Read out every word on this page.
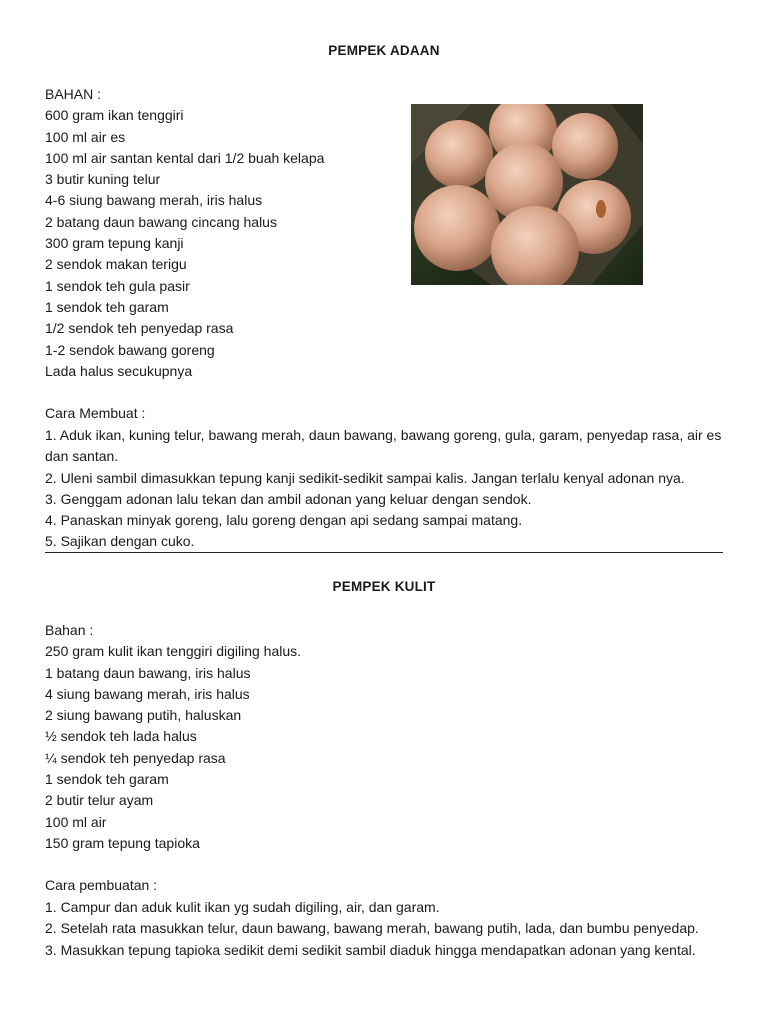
PEMPEK ADAAN
BAHAN :
600 gram ikan tenggiri
100 ml air es
100 ml air santan kental dari 1/2 buah kelapa
3 butir kuning telur
4-6 siung bawang merah, iris halus
2 batang daun bawang cincang halus
300 gram tepung kanji
2 sendok makan terigu
1 sendok teh gula pasir
1 sendok teh garam
1/2 sendok teh penyedap rasa
1-2 sendok bawang goreng
Lada halus secukupnya
Cara Membuat :
1. Aduk ikan, kuning telur, bawang merah, daun bawang, bawang goreng, gula, garam, penyedap rasa, air es dan santan.
2. Uleni sambil dimasukkan tepung kanji sedikit-sedikit sampai kalis. Jangan terlalu kenyal adonan nya.
3. Genggam adonan lalu tekan dan ambil adonan yang keluar dengan sendok.
4. Panaskan minyak goreng, lalu goreng dengan api sedang sampai matang.
5. Sajikan dengan cuko.
PEMPEK KULIT
Bahan :
250 gram kulit ikan tenggiri digiling halus.
1 batang daun bawang, iris halus
4 siung bawang merah, iris halus
2 siung bawang putih, haluskan
½ sendok teh lada halus
¼ sendok teh penyedap rasa
1 sendok teh garam
2 butir telur ayam
100 ml air
150 gram tepung tapioka
Cara pembuatan :
1. Campur dan aduk kulit ikan yg sudah digiling, air, dan garam.
2. Setelah rata masukkan telur, daun bawang, bawang merah, bawang putih, lada, dan bumbu penyedap.
3. Masukkan tepung tapioka sedikit demi sedikit sambil diaduk hingga mendapatkan adonan yang kental.
